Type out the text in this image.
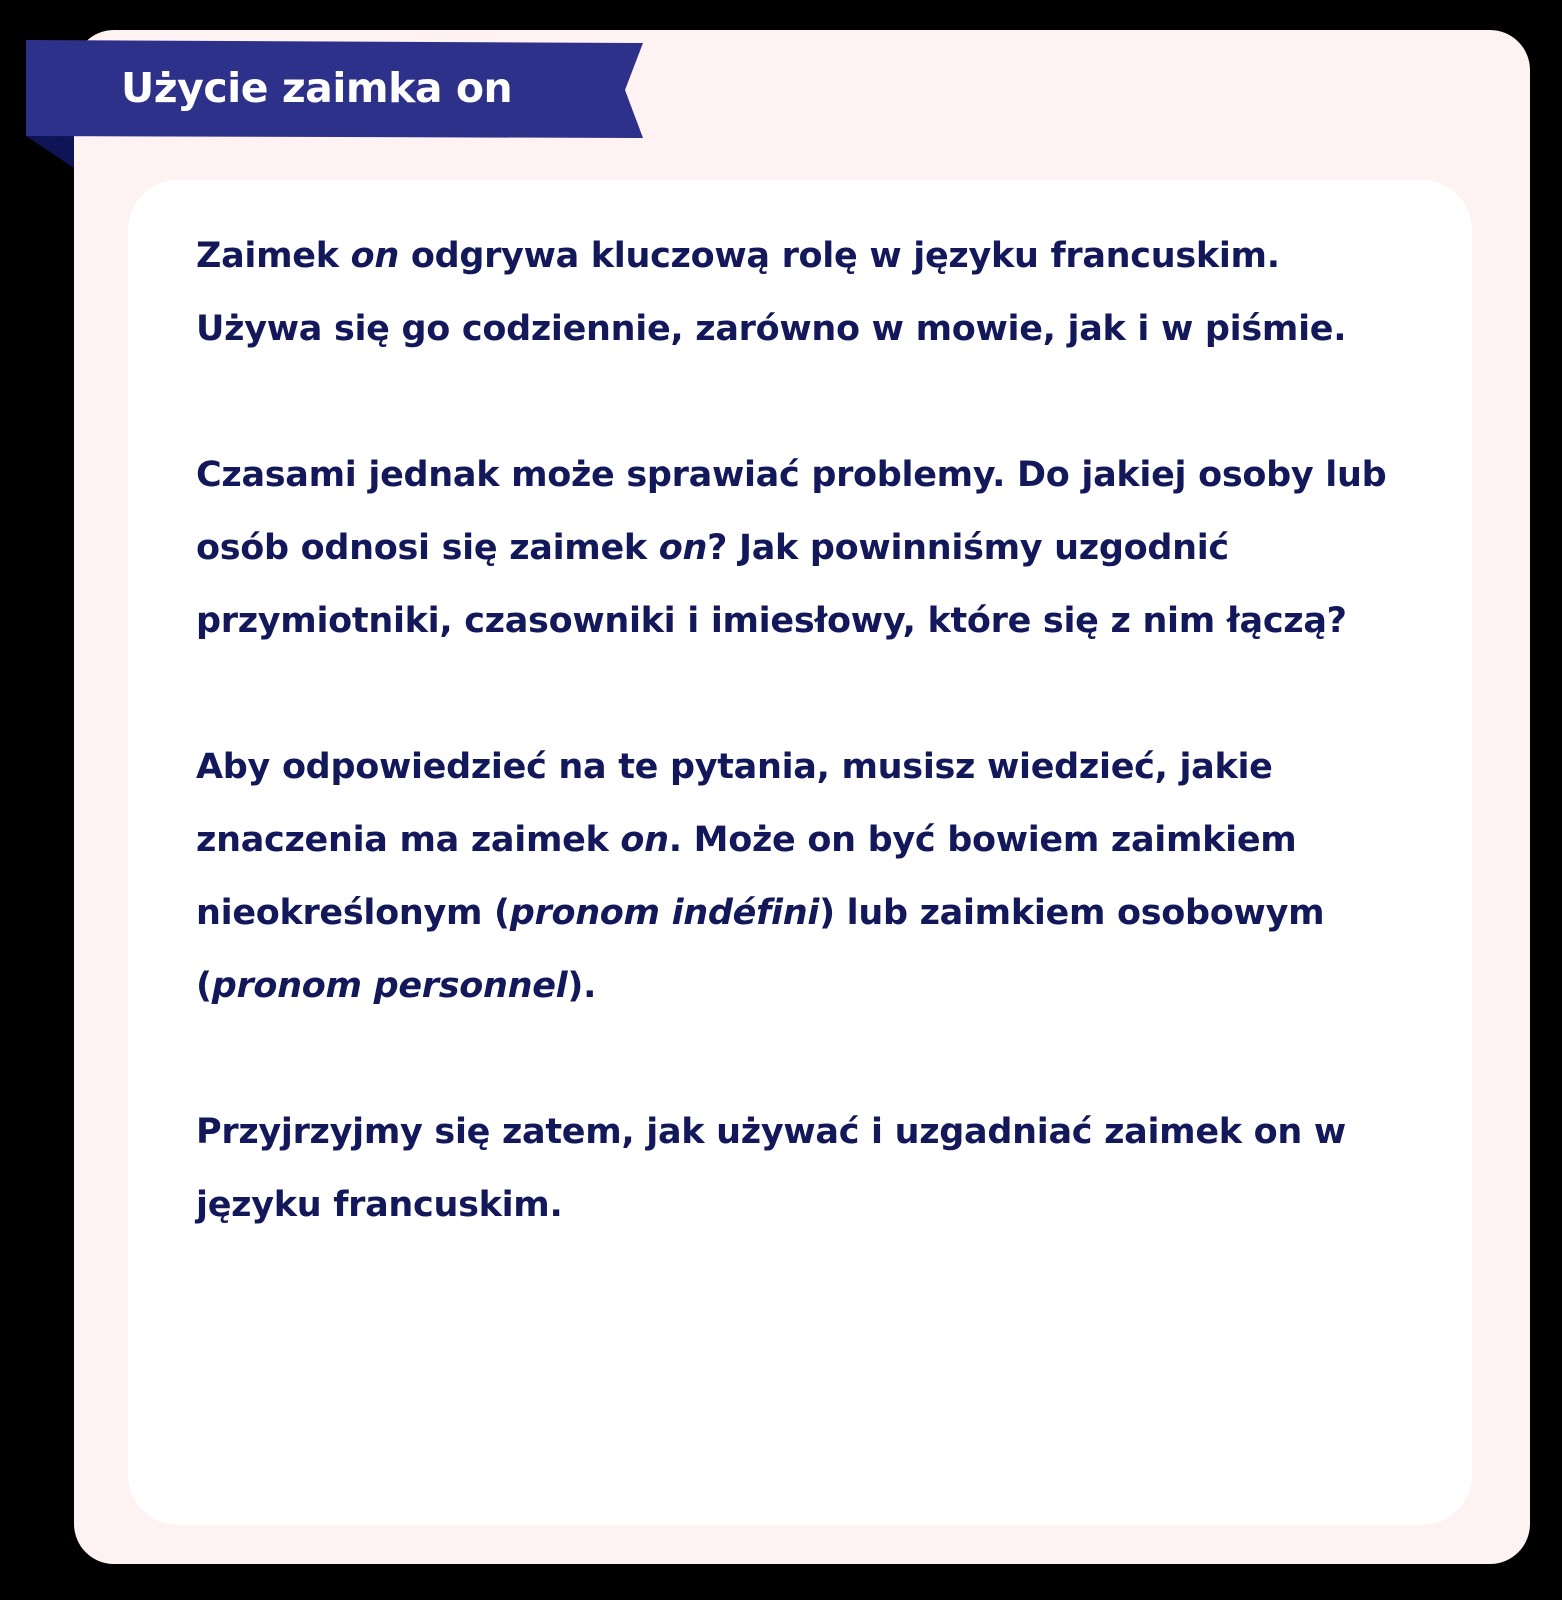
Użycie zaimka on

Zaimek on odgrywa kluczową rolę w języku francuskim. Używa się go codziennie, zarówno w mowie, jak i w piśmie.

Czasami jednak może sprawiać problemy. Do jakiej osoby lub osób odnosi się zaimek on? Jak powinniśmy uzgodnić przymiotniki, czasowniki i imiesłowy, które się z nim łączą?

Aby odpowiedzieć na te pytania, musisz wiedzieć, jakie znaczenia ma zaimek on. Może on być bowiem zaimkiem nieokreślonym (pronom indéfini) lub zaimkiem osobowym (pronom personnel).

Przyjrzyjmy się zatem, jak używać i uzgadniać zaimek on w języku francuskim.
